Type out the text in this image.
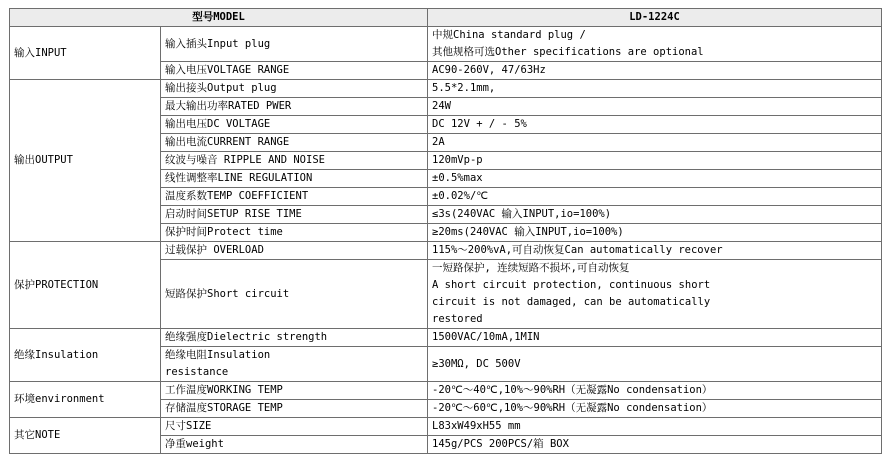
型号MODEL		LD-1224C
输入INPUT	输入插头Input plug	中规China standard plug /
其他规格可选Other specifications are optional

	输入电压VOLTAGE RANGE	AC90-260V, 47/63Hz
输出OUTPUT	输出接头Output plug	5.5*2.1mm,
	最大输出功率RATED PWER	24W
	输出电压DC VOLTAGE	DC 12V + / - 5%
	输出电流CURRENT RANGE	2A
	纹波与噪音 RIPPLE AND NOISE	120mVp-p
	线性调整率LINE REGULATION	±0.5%max
	温度系数TEMP COEFFICIENT	±0.02%/℃
	启动时间SETUP RISE TIME	≤3s(240VAC 输入INPUT,io=100%)
	保护时间Protect time	≥20ms(240VAC 输入INPUT,io=100%)
保护PROTECTION	过载保护 OVERLOAD	115%～200%vA,可自动恢复Can automatically recover
	短路保护Short circuit	一短路保护, 连续短路不损坏,可自动恢复
A short circuit protection, continuous short
circuit is not damaged, can be automatically
restored

绝缘Insulation	绝缘强度Dielectric strength	1500VAC/10mA,1MIN

	绝缘电阻Insulation
resistance	≥30MΩ, DC 500V
环境environment	工作温度WORKING TEMP	-20℃～40℃,10%～90%RH（无凝露No condensation）
	存储温度STORAGE TEMP	-20℃～60℃,10%～90%RH（无凝露No condensation）
其它NOTE	尺寸SIZE	L83xW49xH55 mm
	净重weight	145g/PCS 200PCS/箱 BOX
